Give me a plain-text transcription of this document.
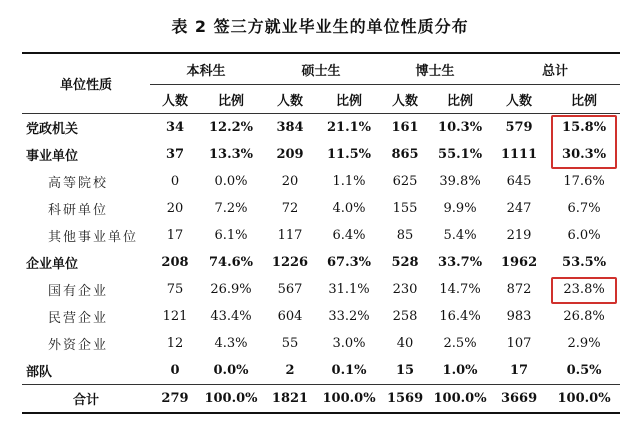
表 2 签三方就业毕业生的单位性质分布
单位性质	本科生		硕士生		博士生		总计	
	人数	比例	人数	比例	人数	比例	人数	比例
党政机关	34	12.2%	384	21.1%	161	10.3%	579	15.8%
事业单位	37	13.3%	209	11.5%	865	55.1%	1111	30.3%
高等院校	0	0.0%	20	1.1%	625	39.8%	645	17.6%
科研单位	20	7.2%	72	4.0%	155	9.9%	247	6.7%
其他事业单位	17	6.1%	117	6.4%	85	5.4%	219	6.0%
企业单位	208	74.6%	1226	67.3%	528	33.7%	1962	53.5%
国有企业	75	26.9%	567	31.1%	230	14.7%	872	23.8%
民营企业	121	43.4%	604	33.2%	258	16.4%	983	26.8%
外资企业	12	4.3%	55	3.0%	40	2.5%	107	2.9%
部队	0	0.0%	2	0.1%	15	1.0%	17	0.5%
合计	279	100.0%	1821	100.0%	1569	100.0%	3669	100.0%
